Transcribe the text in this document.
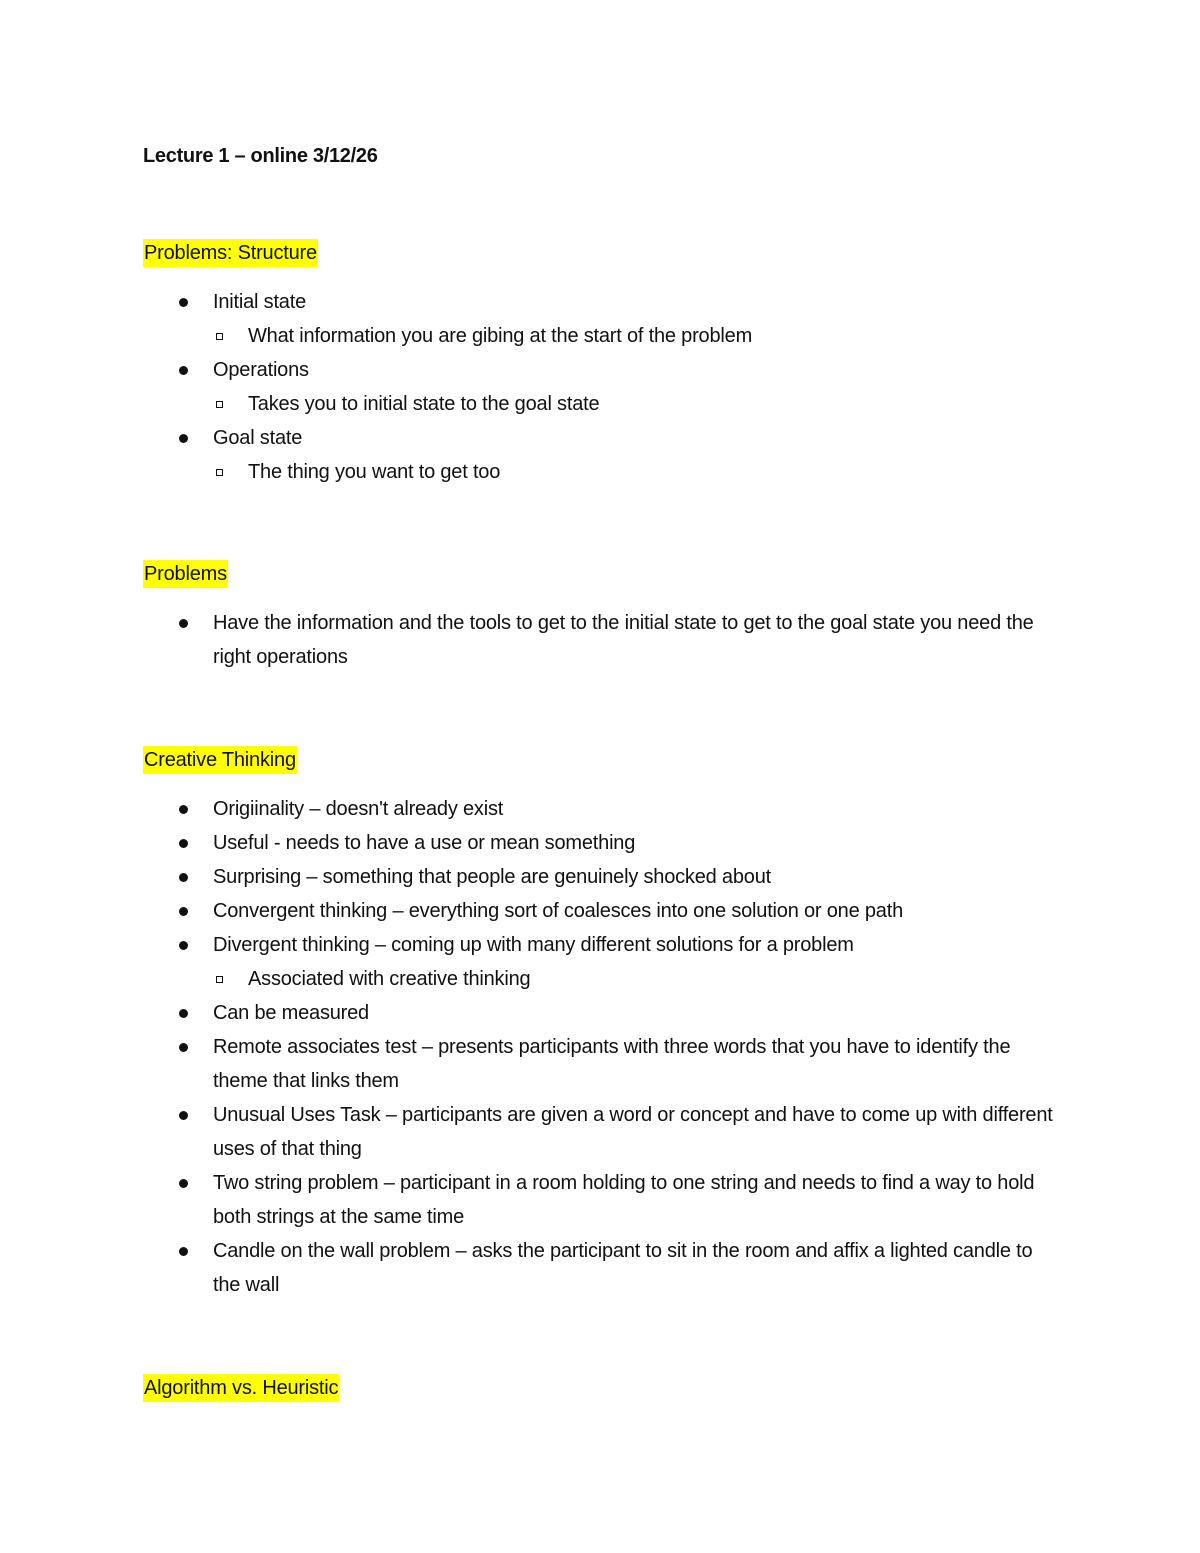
Lecture 1 – online 3/12/26

Problems: Structure
Initial state
What information you are gibing at the start of the problem
Operations
Takes you to initial state to the goal state
Goal state
The thing you want to get too
Problems
Have the information and the tools to get to the initial state to get to the goal state you need the right operations
Creative Thinking
Origiinality – doesn't already exist
Useful - needs to have a use or mean something
Surprising – something that people are genuinely shocked about
Convergent thinking – everything sort of coalesces into one solution or one path
Divergent thinking – coming up with many different solutions for a problem
Associated with creative thinking
Can be measured
Remote associates test – presents participants with three words that you have to identify the theme that links them
Unusual Uses Task – participants are given a word or concept and have to come up with different uses of that thing
Two string problem – participant in a room holding to one string and needs to find a way to hold both strings at the same time
Candle on the wall problem – asks the participant to sit in the room and affix a lighted candle to the wall
Algorithm vs. Heuristic
